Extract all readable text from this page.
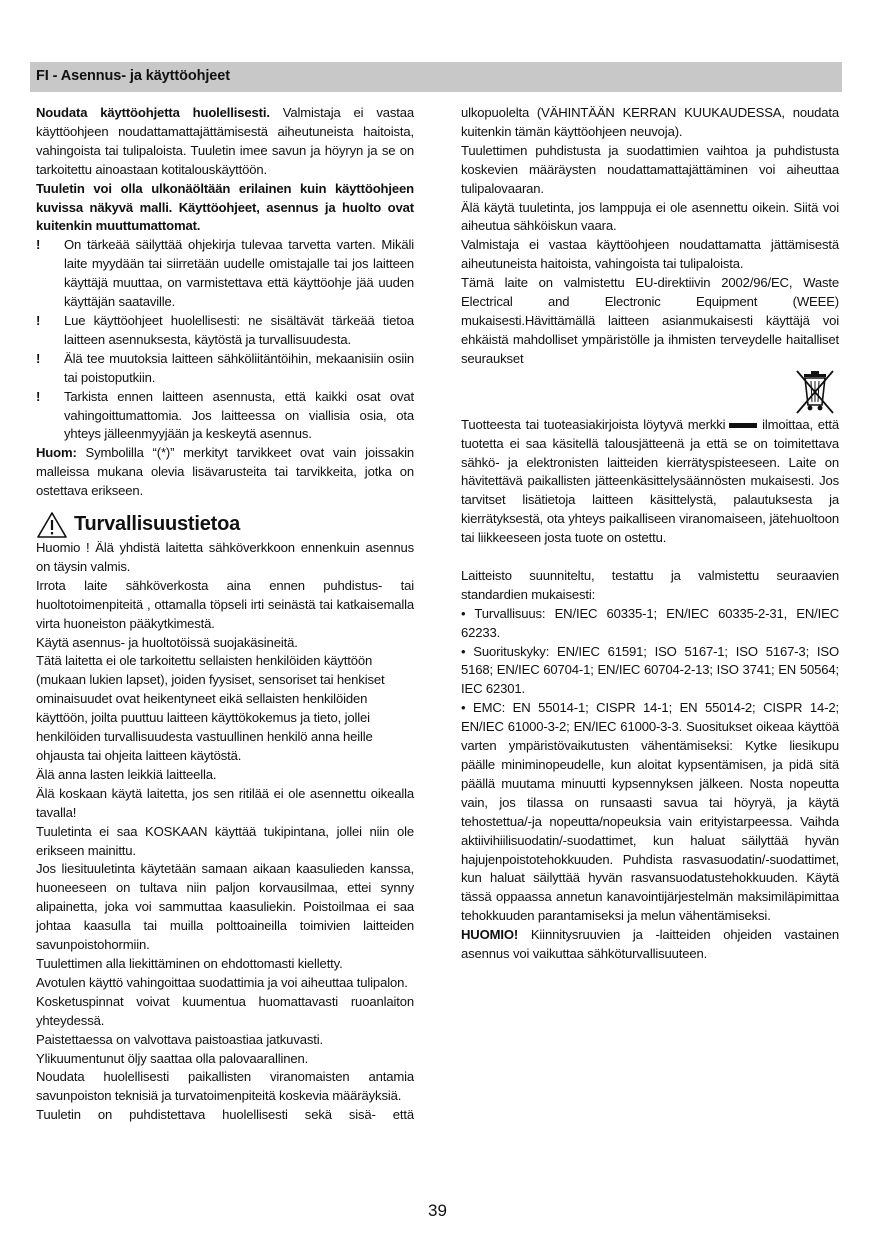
FI - Asennus- ja käyttöohjeet

Noudata käyttöohjetta huolellisesti. Valmistaja ei vastaa käyttöohjeen noudattamattajättämisestä aiheutuneista haitoista, vahingoista tai tulipaloista. Tuuletin imee savun ja höyryn ja se on tarkoitettu ainoastaan kotitalouskäyttöön.

Tuuletin voi olla ulkonäöltään erilainen kuin käyttöohjeen kuvissa näkyvä malli. Käyttöohjeet, asennus ja huolto ovat kuitenkin muuttumattomat.

!	On tärkeää säilyttää ohjekirja tulevaa tarvetta varten. Mikäli laite myydään tai siirretään uudelle omistajalle tai jos laitteen käyttäjä muuttaa, on varmistettava että käyttöohje jää uuden käyttäjän saataville.
!	Lue käyttöohjeet huolellisesti: ne sisältävät tärkeää tietoa laitteen asennuksesta, käytöstä ja turvallisuudesta.
!	Älä tee muutoksia laitteen sähköliitäntöihin, mekaanisiin osiin tai poistoputkiin.
!	Tarkista ennen laitteen asennusta, että kaikki osat ovat vahingoittumattomia. Jos laitteessa on viallisia osia, ota yhteys jälleenmyyjään ja keskeytä asennus.

Huom: Symbolilla “(*)” merkityt tarvikkeet ovat vain joissakin malleissa mukana olevia lisävarusteita tai tarvikkeita, jotka on ostettava erikseen.

Turvallisuustietoa

Huomio ! Älä yhdistä laitetta sähköverkkoon ennenkuin asennus on täysin valmis.

Irrota laite sähköverkosta aina ennen puhdistus- tai huoltotoimenpiteitä , ottamalla töpseli irti seinästä tai katkaisemalla virta huoneiston pääkytkimestä.

Käytä asennus- ja huoltotöissä suojakäsineitä.

Tätä laitetta ei ole tarkoitettu sellaisten henkilöiden käyttöön (mukaan lukien lapset), joiden fyysiset, sensoriset tai henkiset ominaisuudet ovat heikentyneet eikä sellaisten henkilöiden käyttöön, joilta puuttuu laitteen käyttökokemus ja tieto, jollei henkilöiden turvallisuudesta vastuullinen henkilö anna heille ohjausta tai ohjeita laitteen käytöstä.

Älä anna lasten leikkiä laitteella.

Älä koskaan käytä laitetta, jos sen ritilää ei ole asennettu oikealla tavalla!

Tuuletinta ei saa KOSKAAN käyttää tukipintana, jollei niin ole erikseen mainittu.

Jos liesituuletinta käytetään samaan aikaan kaasulieden kanssa, huoneeseen on tultava niin paljon korvausilmaa, ettei synny alipainetta, joka voi sammuttaa kaasuliekin. Poistoilmaa ei saa johtaa kaasulla tai muilla polttoaineilla toimivien laitteiden savunpoistohormiin.

Tuulettimen alla liekittäminen on ehdottomasti kielletty.

Avotulen käyttö vahingoittaa suodattimia ja voi aiheuttaa tulipalon.

Kosketuspinnat voivat kuumentua huomattavasti ruoanlaiton yhteydessä.

Paistettaessa on valvottava paistoastiaa jatkuvasti.

Ylikuumentunut öljy saattaa olla palovaarallinen.

Noudata huolellisesti paikallisten viranomaisten antamia savunpoiston teknisiä ja turvatoimenpiteitä koskevia määräyksiä.

Tuuletin on puhdistettava huolellisesti sekä sisä- että

ulkopuolelta (VÄHINTÄÄN KERRAN KUUKAUDESSA, noudata kuitenkin tämän käyttöohjeen neuvoja).

Tuulettimen puhdistusta ja suodattimien vaihtoa ja puhdistusta koskevien määräysten noudattamattajättäminen voi aiheuttaa tulipalovaaran.

Älä käytä tuuletinta, jos lamppuja ei ole asennettu oikein. Siitä voi aiheutua sähköiskun vaara.

Valmistaja ei vastaa käyttöohjeen noudattamatta jättämisestä aiheutuneista haitoista, vahingoista tai tulipaloista.

Tämä laite on valmistettu EU-direktiivin 2002/96/EC, Waste Electrical and Electronic Equipment (WEEE) mukaisesti.Hävittämällä laitteen asianmukaisesti käyttäjä voi ehkäistä mahdolliset ympäristölle ja ihmisten terveydelle haitalliset seuraukset

Tuotteesta tai tuoteasiakirjoista löytyvä merkki	ilmoittaa, että tuotetta ei saa käsitellä talousjätteenä ja että se on toimitettava sähkö- ja elektronisten laitteiden kierrätyspisteeseen. Laite on hävitettävä paikallisten jätteenkäsittelysäännösten mukaisesti. Jos tarvitset lisätietoja laitteen käsittelystä, palautuksesta ja kierrätyksestä, ota yhteys paikalliseen viranomaiseen, jätehuoltoon tai liikkeeseen josta tuote on ostettu.

Laitteisto suunniteltu, testattu ja valmistettu seuraavien standardien mukaisesti:

• Turvallisuus: EN/IEC 60335-1; EN/IEC 60335-2-31, EN/IEC 62233.

• Suorituskyky: EN/IEC 61591; ISO 5167-1; ISO 5167-3; ISO 5168; EN/IEC 60704-1; EN/IEC 60704-2-13; ISO 3741; EN 50564; IEC 62301.

• EMC: EN 55014-1; CISPR 14-1; EN 55014-2; CISPR 14-2; EN/IEC 61000-3-2; EN/IEC 61000-3-3. Suositukset oikeaa käyttöä varten ympäristövaikutusten vähentämiseksi: Kytke liesikupu päälle miniminopeudelle, kun aloitat kypsentämisen, ja pidä sitä päällä muutama minuutti kypsennyksen jälkeen. Nosta nopeutta vain, jos tilassa on runsaasti savua tai höyryä, ja käytä tehostettua/-ja nopeutta/nopeuksia vain erityistarpeessa. Vaihda aktiivihiilisuodatin/-suodattimet, kun haluat säilyttää hyvän hajujenpoistotehokkuuden. Puhdista rasvasuodatin/-suodattimet, kun haluat säilyttää hyvän rasvansuodatustehokkuuden. Käytä tässä oppaassa annetun kanavointijärjestelmän maksimiläpimittaa tehokkuuden parantamiseksi ja melun vähentämiseksi.

HUOMIO! Kiinnitysruuvien ja -laitteiden ohjeiden vastainen asennus voi vaikuttaa sähköturvallisuuteen.

39
